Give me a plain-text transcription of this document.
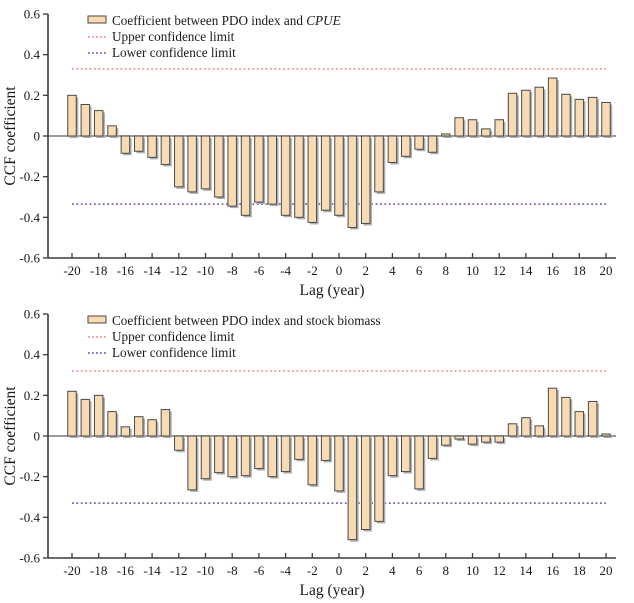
0.6
0.4
0.2
0
-0.2
-0.4
-0.6
-20 -18 -16 -14 -12 -10 -8 -6 -4 -2 0 2 4 6 8 10 12 14 16 18 20
Lag (year)
CCF coefficient
Coefficient between PDO index and CPUE
Upper confidence limit
Lower confidence limit
0.6
0.4
0.2
0
-0.2
-0.4
-0.6
-20 -18 -16 -14 -12 -10 -8 -6 -4 -2 0 2 4 6 8 10 12 14 16 18 20
Lag (year)
CCF coefficient
Coefficient between PDO index and stock biomass
Upper confidence limit
Lower confidence limit
